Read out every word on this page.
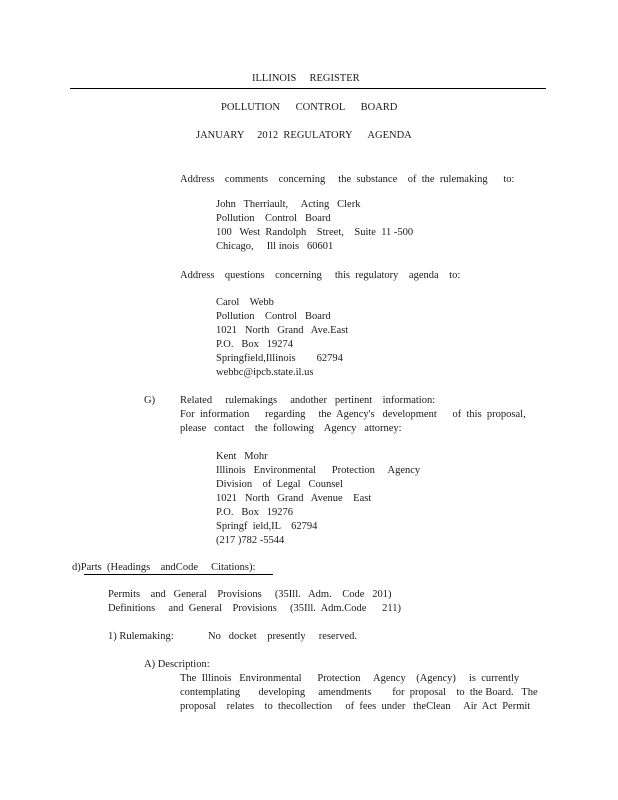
ILLINOIS     REGISTER
POLLUTION      CONTROL      BOARD
JANUARY     2012  REGULATORY      AGENDA
Address    comments    concerning     the  substance    of  the  rulemaking      to:
John   Therriault,     Acting   Clerk
Pollution    Control   Board
100   West  Randolph    Street,    Suite  11 -500
Chicago,     Ill inois   60601
Address    questions    concerning     this  regulatory    agenda    to:
Carol    Webb
Pollution    Control   Board
1021   North   Grand   Ave.East
P.O.   Box   19274
Springfield,Illinois        62794
webbc@ipcb.state.il.us
G) Related     rulemakings     andother   pertinent    information:
For  information      regarding     the  Agency's   development      of  this  proposal,
please   contact    the  following    Agency   attorney:
Kent   Mohr
Illinois   Environmental      Protection     Agency
Division    of  Legal   Counsel
1021   North   Grand   Avenue    East
P.O.   Box   19276
Springf  ield,IL    62794
(217 )782 -5544
d)Parts  (Headings    andCode     Citations):
Permits    and   General    Provisions     (35Ill.   Adm.    Code   201)
Definitions     and  General    Provisions     (35Ill.  Adm.Code      211)
1) Rulemaking:	No   docket    presently     reserved.
A) Description:
The  Illinois   Environmental      Protection     Agency    (Agency)     is  currently
contemplating       developing     amendments        for  proposal    to  the Board.   The
proposal    relates    to  thecollection     of  fees  under   theClean     Air  Act  Permit
